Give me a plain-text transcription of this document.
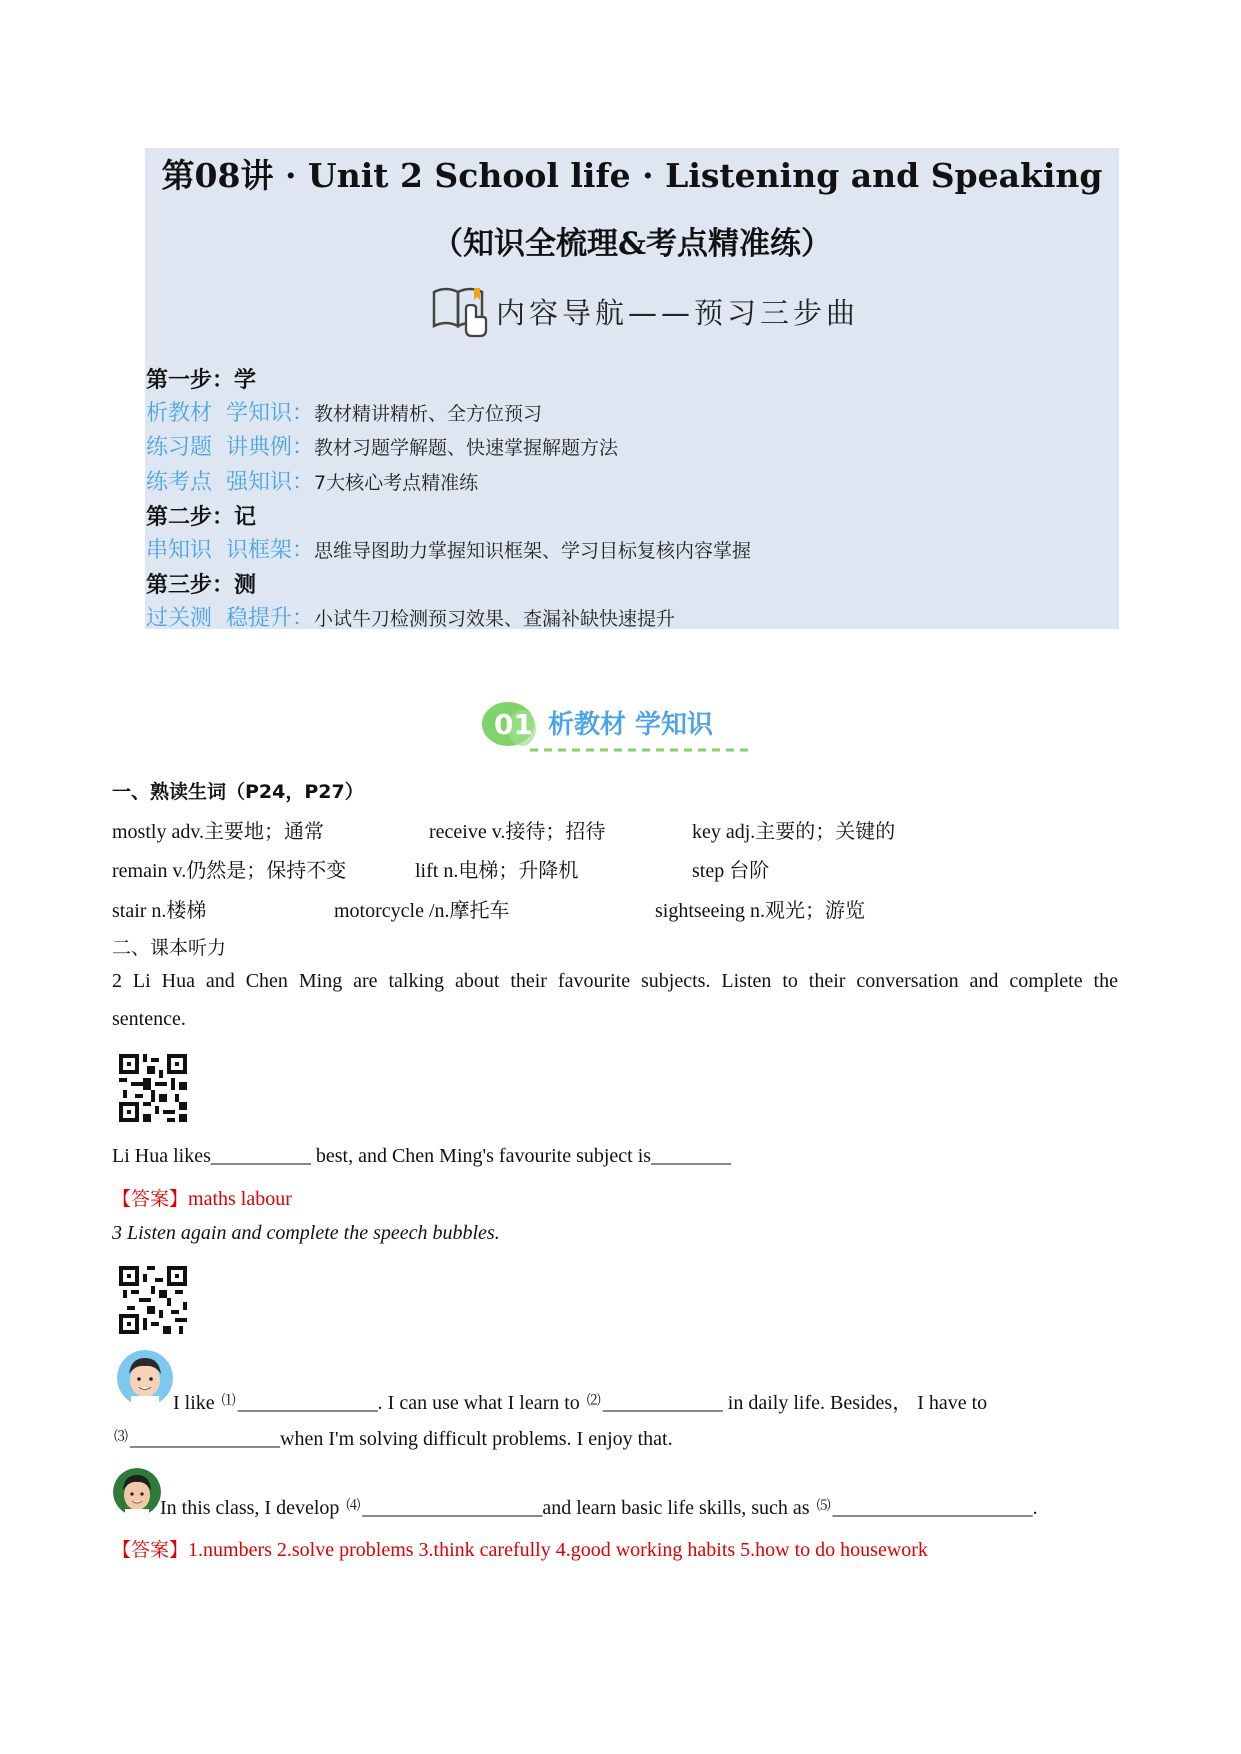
第08讲 · Unit 2 School life · Listening and Speaking
（知识全梳理&考点精准练）
内容导航——预习三步曲
第一步：学
析教材  学知识： 教材精讲精析、全方位预习
练习题  讲典例： 教材习题学解题、快速掌握解题方法
练考点  强知识： 7大核心考点精准练
第二步：记
串知识  识框架： 思维导图助力掌握知识框架、学习目标复核内容掌握
第三步：测
过关测  稳提升： 小试牛刀检测预习效果、查漏补缺快速提升
01 析教材 学知识
一、熟读生词（P24，P27）
mostly adv.主要地；通常	receive v.接待；招待	key adj.主要的；关键的
remain v.仍然是；保持不变	lift n.电梯；升降机	step 台阶
stair n.楼梯	motorcycle /n.摩托车	sightseeing n.观光；游览
二、课本听力
2 Li Hua and Chen Ming are talking about their favourite subjects. Listen to their conversation and complete the
sentence.
Li Hua likes__________ best, and Chen Ming's favourite subject is________
【答案】maths labour
3 Listen again and complete the speech bubbles.
I like ⑴ ______________. I can use what I learn to ⑵ ____________ in daily life. Besides， I have to
⑶ _______________when I'm solving difficult problems. I enjoy that.
In this class, I develop ⑷ __________________and learn basic life skills, such as ⑸ ____________________.
【答案】1.numbers 2.solve problems 3.think carefully 4.good working habits 5.how to do housework
